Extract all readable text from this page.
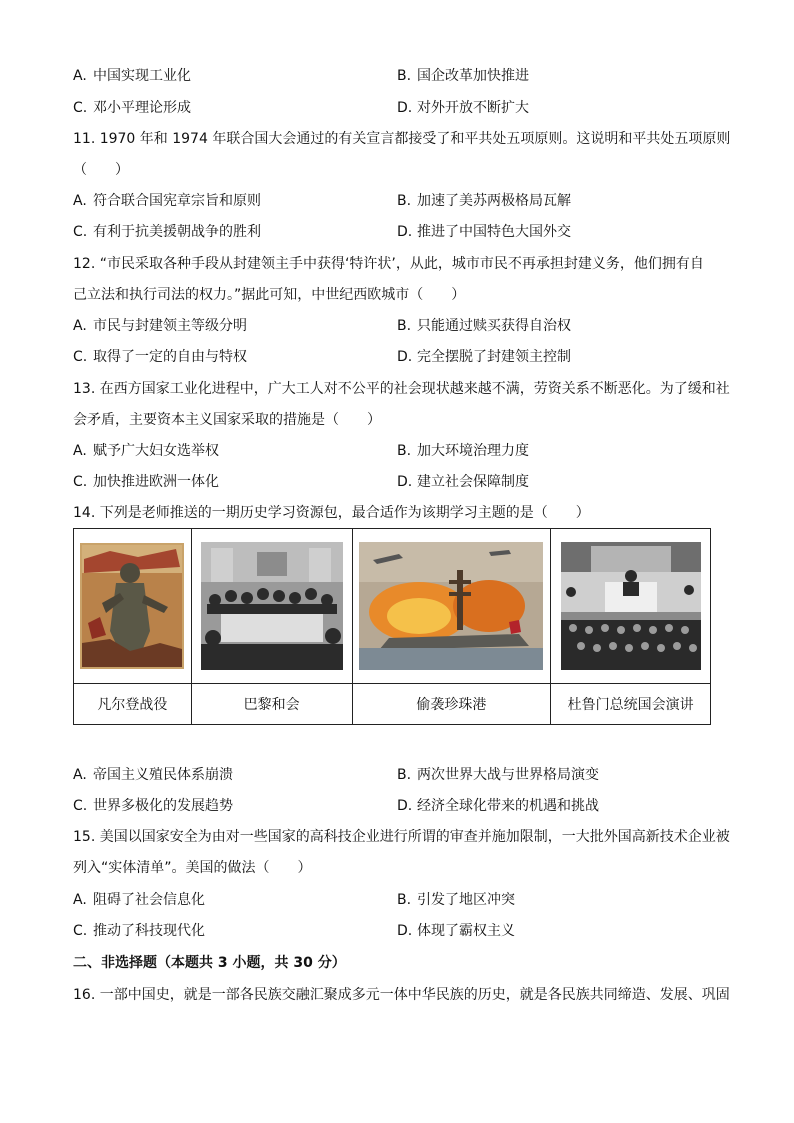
A. 中国实现工业化	B. 国企改革加快推进
C. 邓小平理论形成	D. 对外开放不断扩大
11. 1970 年和 1974 年联合国大会通过的有关宣言都接受了和平共处五项原则。这说明和平共处五项原则
（　　）
A. 符合联合国宪章宗旨和原则	B. 加速了美苏两极格局瓦解
C. 有利于抗美援朝战争的胜利	D. 推进了中国特色大国外交
12. “市民采取各种手段从封建领主手中获得‘特许状’，从此，城市市民不再承担封建义务，他们拥有自
己立法和执行司法的权力。”据此可知，中世纪西欧城市（　　）
A. 市民与封建领主等级分明	B. 只能通过赎买获得自治权
C. 取得了一定的自由与特权	D. 完全摆脱了封建领主控制
13. 在西方国家工业化进程中，广大工人对不公平的社会现状越来越不满，劳资关系不断恶化。为了缓和社
会矛盾，主要资本主义国家采取的措施是（　　）
A. 赋予广大妇女选举权	B. 加大环境治理力度
C. 加快推进欧洲一体化	D. 建立社会保障制度
14. 下列是老师推送的一期历史学习资源包，最合适作为该期学习主题的是（　　）

凡尔登战役	巴黎和会	偷袭珍珠港	杜鲁门总统国会演讲
A. 帝国主义殖民体系崩溃	B. 两次世界大战与世界格局演变
C. 世界多极化的发展趋势	D. 经济全球化带来的机遇和挑战
15. 美国以国家安全为由对一些国家的高科技企业进行所谓的审查并施加限制，一大批外国高新技术企业被
列入“实体清单”。美国的做法（　　）
A. 阻碍了社会信息化	B. 引发了地区冲突
C. 推动了科技现代化	D. 体现了霸权主义
二、非选择题（本题共 3 小题，共 30 分）
16. 一部中国史，就是一部各民族交融汇聚成多元一体中华民族的历史，就是各民族共同缔造、发展、巩固
